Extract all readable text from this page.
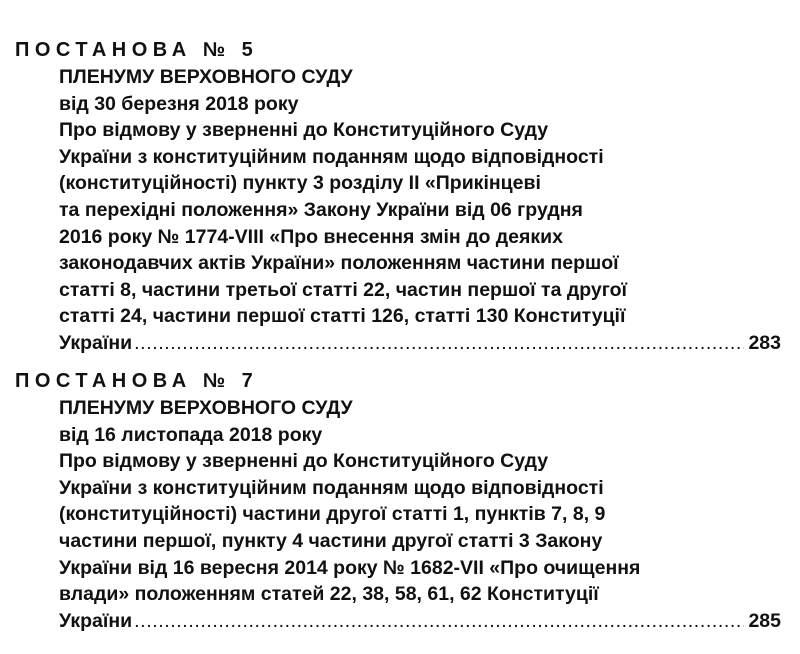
ПОСТАНОВА № 5
ПЛЕНУМУ ВЕРХОВНОГО СУДУ
від 30 березня 2018 року
Про відмову у зверненні до Конституційного Суду
України з конституційним поданням щодо відповідності
(конституційності) пункту 3 розділу II «Прикінцеві
та перехідні положення» Закону України від 06 грудня
2016 року № 1774-VIII «Про внесення змін до деяких
законодавчих актів України» положенням частини першої
статті 8, частини третьої статті 22, частин першої та другої
статті 24, частини першої статті 126, статті 130 Конституції
України .....	283
ПОСТАНОВА № 7
ПЛЕНУМУ ВЕРХОВНОГО СУДУ
від 16 листопада 2018 року
Про відмову у зверненні до Конституційного Суду
України з конституційним поданням щодо відповідності
(конституційності) частини другої статті 1, пунктів 7, 8, 9
частини першої, пункту 4 частини другої статті 3 Закону
України від 16 вересня 2014 року № 1682-VII «Про очищення
влади» положенням статей 22, 38, 58, 61, 62 Конституції
України .....	285
